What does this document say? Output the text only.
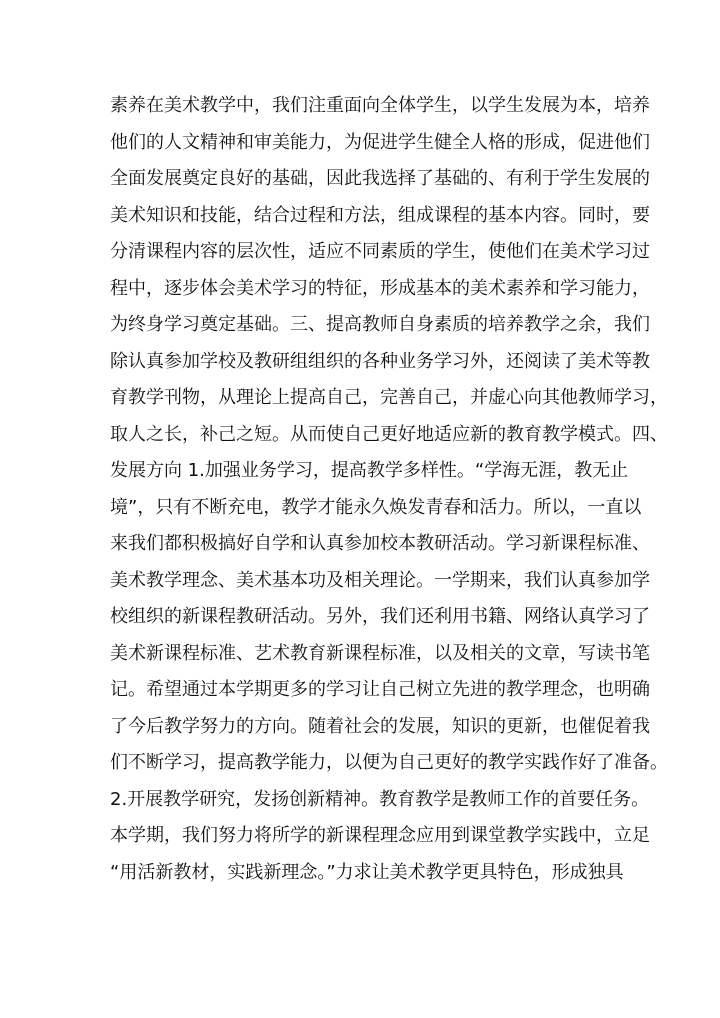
素养在美术教学中，我们注重面向全体学生，以学生发展为本，培养
他们的人文精神和审美能力，为促进学生健全人格的形成，促进他们
全面发展奠定良好的基础，因此我选择了基础的、有利于学生发展的
美术知识和技能，结合过程和方法，组成课程的基本内容。同时，要
分清课程内容的层次性，适应不同素质的学生，使他们在美术学习过
程中，逐步体会美术学习的特征，形成基本的美术素养和学习能力，
为终身学习奠定基础。三、提高教师自身素质的培养教学之余，我们
除认真参加学校及教研组组织的各种业务学习外，还阅读了美术等教
育教学刊物，从理论上提高自己，完善自己，并虚心向其他教师学习，
取人之长，补己之短。从而使自己更好地适应新的教育教学模式。四、
发展方向 1.加强业务学习，提高教学多样性。“学海无涯，教无止
境”，只有不断充电，教学才能永久焕发青春和活力。所以，一直以
来我们都积极搞好自学和认真参加校本教研活动。学习新课程标准、
美术教学理念、美术基本功及相关理论。一学期来，我们认真参加学
校组织的新课程教研活动。另外，我们还利用书籍、网络认真学习了
美术新课程标准、艺术教育新课程标准，以及相关的文章，写读书笔
记。希望通过本学期更多的学习让自己树立先进的教学理念，也明确
了今后教学努力的方向。随着社会的发展，知识的更新，也催促着我
们不断学习，提高教学能力，以便为自己更好的教学实践作好了准备。
2.开展教学研究，发扬创新精神。教育教学是教师工作的首要任务。
本学期，我们努力将所学的新课程理念应用到课堂教学实践中，立足
“用活新教材，实践新理念。”力求让美术教学更具特色，形成独具
